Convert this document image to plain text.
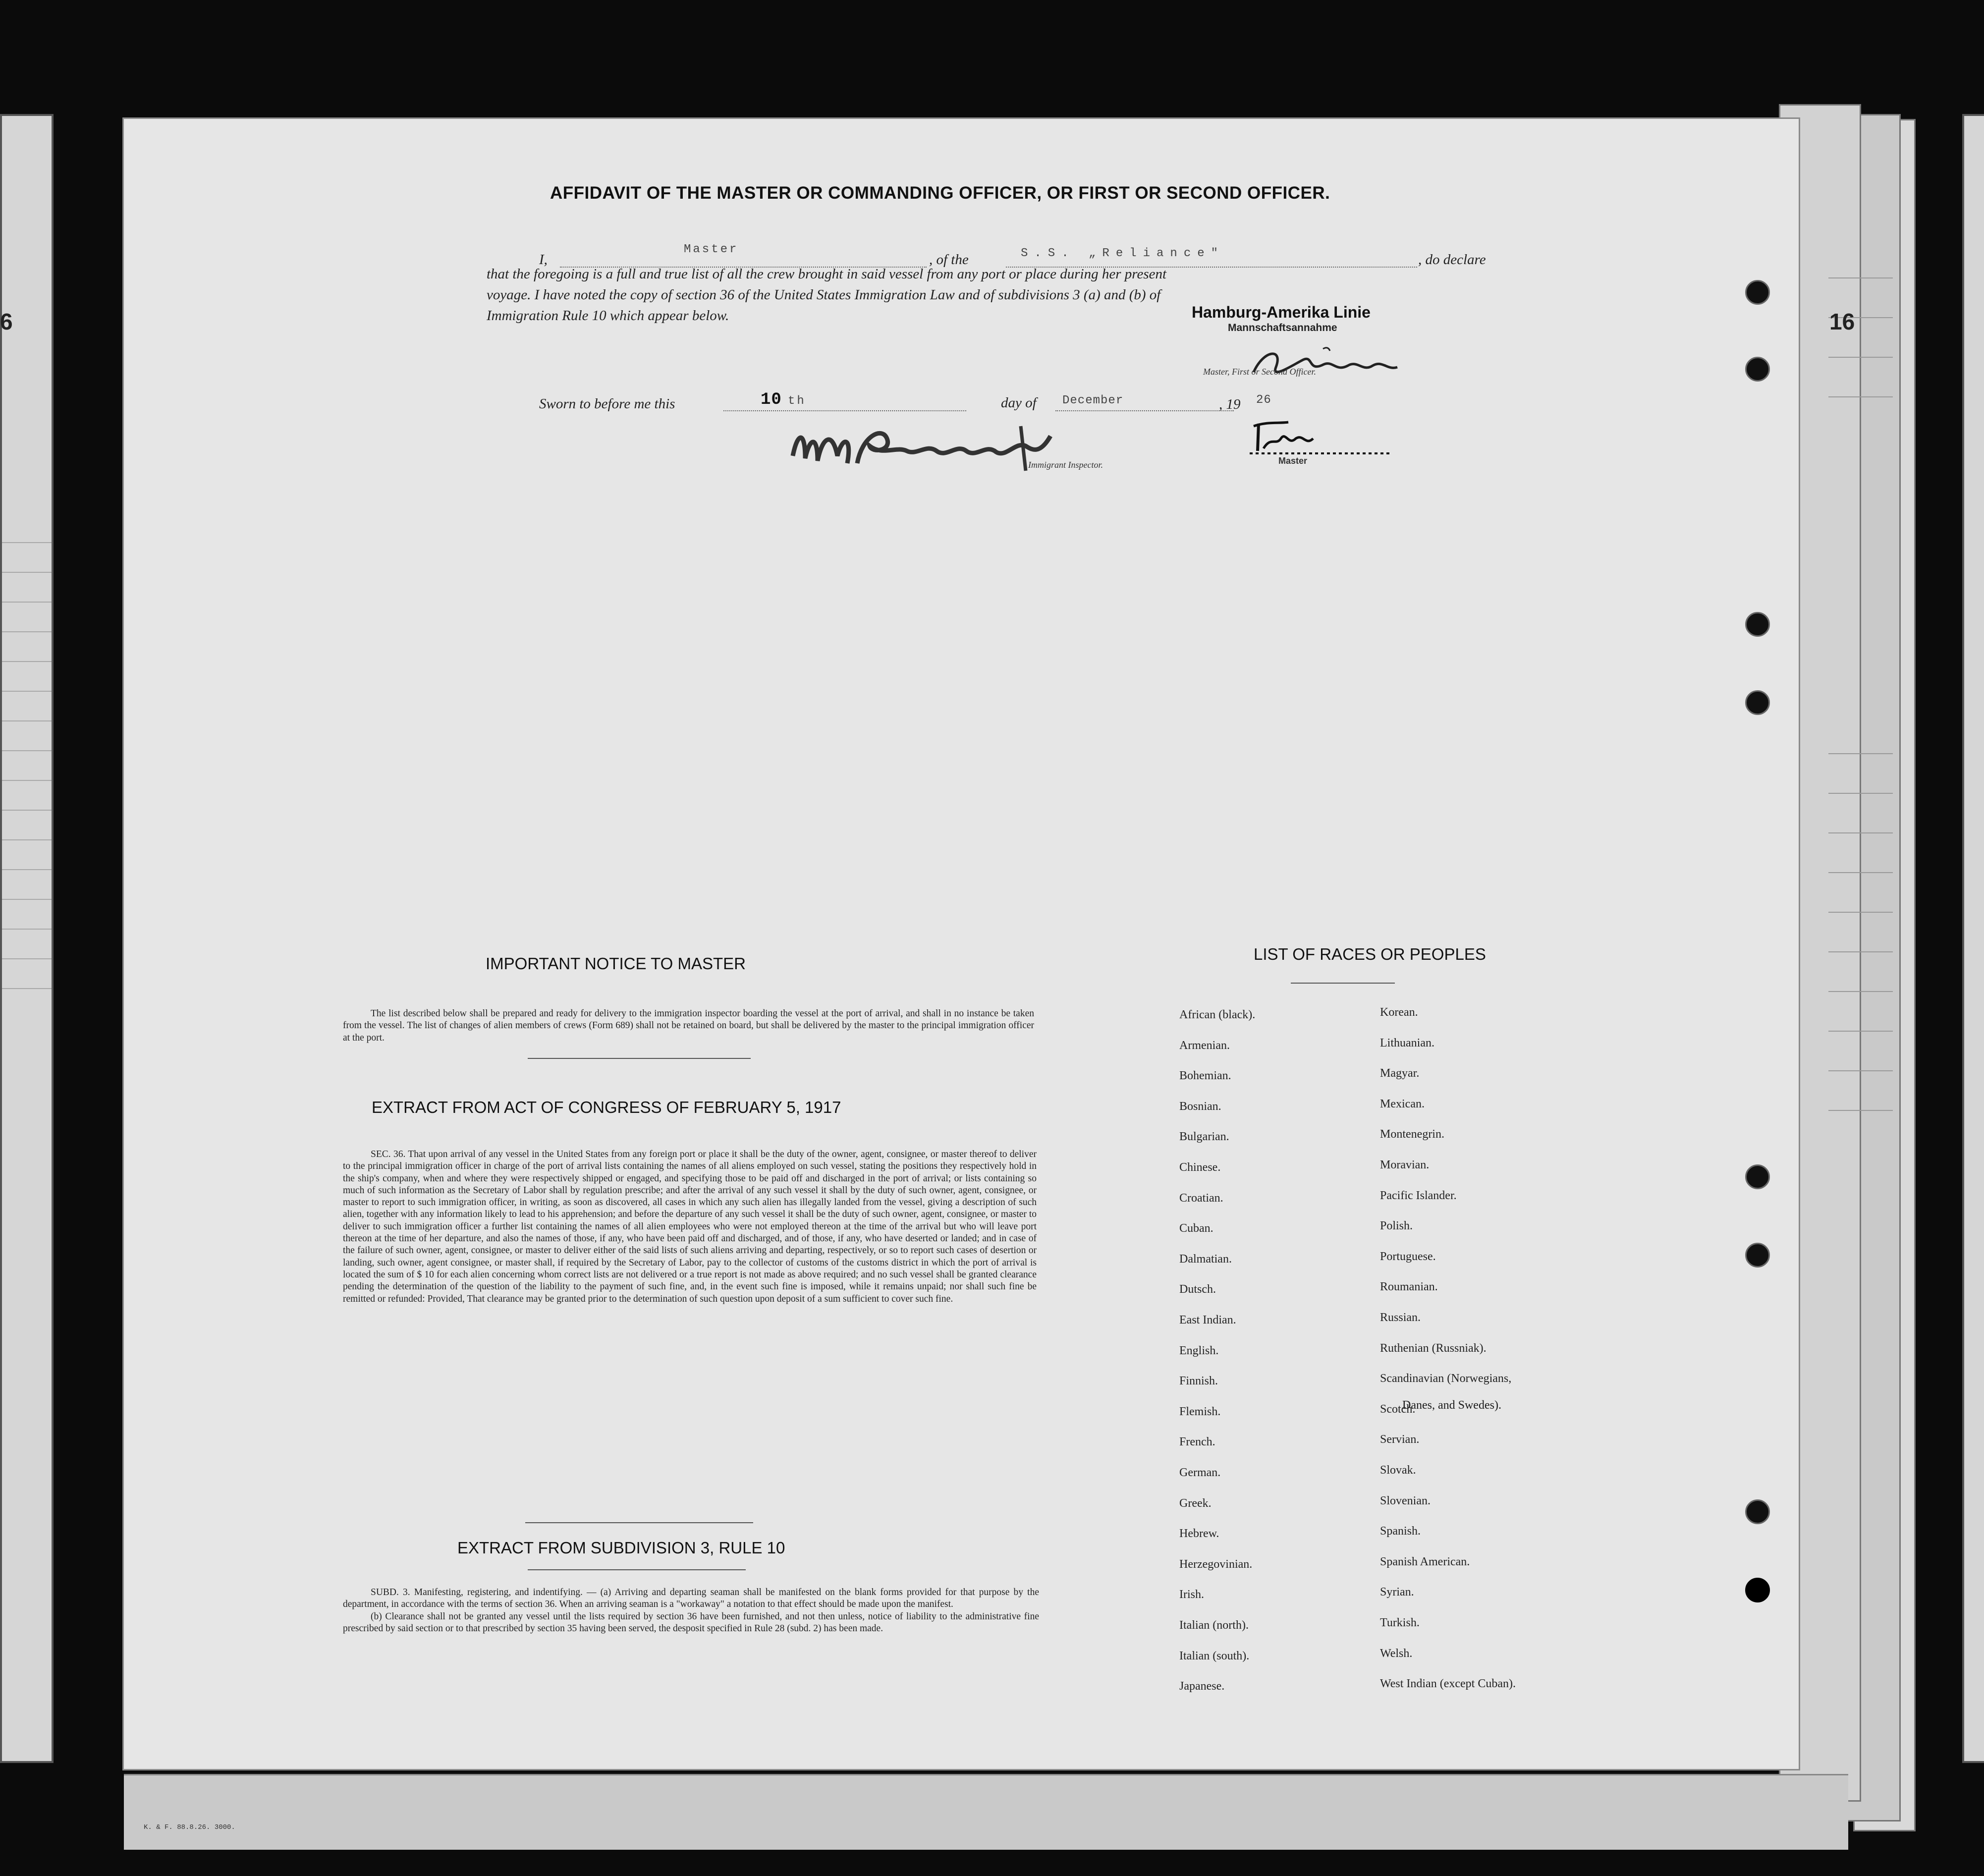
6	16
K. & F. 88.8.26. 3000.
AFFIDAVIT OF THE MASTER OR COMMANDING OFFICER, OR FIRST OR SECOND OFFICER.
I,
Master
, of the	S.S. „Reliance"	, do declare
that the foregoing is a full and true list of all the crew brought in said vessel from any port or place during her present
voyage. I have noted the copy of section 36 of the United States Immigration Law and of subdivisions 3 (a) and (b) of
Immigration Rule 10 which appear below.	Hamburg-Amerika Linie
Mannschaftsannahme
Master, First or Second Officer.
Sworn to before me this	10 th	day of December	, 19 26
Immigrant Inspector.	Master
IMPORTANT NOTICE TO MASTER

The list described below shall be prepared and ready for delivery to the immigration inspector boarding the vessel at the port of arrival, and shall in no instance be taken from the vessel. The list of changes of alien members of crews (Form 689) shall not be retained on board, but shall be delivered by the master to the principal immigration officer at the port.

EXTRACT FROM ACT OF CONGRESS OF FEBRUARY 5, 1917

SEC. 36. That upon arrival of any vessel in the United States from any foreign port or place it shall be the duty of the owner, agent, consignee, or master thereof to deliver to the principal immigration officer in charge of the port of arrival lists containing the names of all aliens employed on such vessel, stating the positions they respectively hold in the ship's company, when and where they were respectively shipped or engaged, and specifying those to be paid off and discharged in the port of arrival; or lists containing so much of such information as the Secretary of Labor shall by regulation prescribe; and after the arrival of any such vessel it shall by the duty of such owner, agent, consignee, or master to report to such immigration officer, in writing, as soon as discovered, all cases in which any such alien has illegally landed from the vessel, giving a description of such alien, together with any information likely to lead to his apprehension; and before the departure of any such vessel it shall be the duty of such owner, agent, consignee, or master to deliver to such immigration officer a further list containing the names of all alien employees who were not employed thereon at the time of the arrival but who will leave port thereon at the time of her departure, and also the names of those, if any, who have been paid off and discharged, and of those, if any, who have deserted or landed; and in case of the failure of such owner, agent, consignee, or master to deliver either of the said lists of such aliens arriving and departing, respectively, or so to report such cases of desertion or landing, such owner, agent consignee, or master shall, if required by the Secretary of Labor, pay to the collector of customs of the customs district in which the port of arrival is located the sum of $ 10 for each alien concerning whom correct lists are not delivered or a true report is not made as above required; and no such vessel shall be granted clearance pending the determination of the question of the liability to the payment of such fine, and, in the event such fine is imposed, while it remains unpaid; nor shall such fine be remitted or refunded: Provided, That clearance may be granted prior to the determination of such question upon deposit of a sum sufficient to cover such fine.

EXTRACT FROM SUBDIVISION 3, RULE 10

SUBD. 3. Manifesting, registering, and indentifying. — (a) Arriving and departing seaman shall be manifested on the blank forms provided for that purpose by the department, in accordance with the terms of section 36. When an arriving seaman is a "workaway" a notation to that effect should be made upon the manifest.

(b) Clearance shall not be granted any vessel until the lists required by section 36 have been furnished, and not then unless, notice of liability to the administrative fine prescribed by said section or to that prescribed by section 35 having been served, the desposit specified in Rule 28 (subd. 2) has been made.

LIST OF RACES OR PEOPLES
African (black).
Armenian.
Bohemian.
Bosnian.
Bulgarian.
Chinese.
Croatian.
Cuban.
Dalmatian.
Dutsch.
East Indian.
English.
Finnish.
Flemish.
French.
German.
Greek.
Hebrew.
Herzegovinian.
Irish.
Italian (north).
Italian (south).
Japanese.
Korean.
Lithuanian.
Magyar.
Mexican.
Montenegrin.
Moravian.
Pacific Islander.
Polish.
Portuguese.
Roumanian.
Russian.
Ruthenian (Russniak).
Scandinavian (Norwegians,
Scotch.
Servian.
Slovak.
Slovenian.
Spanish.
Spanish American.
Syrian.
Turkish.
Welsh.
West Indian (except Cuban).
Danes, and Swedes).
